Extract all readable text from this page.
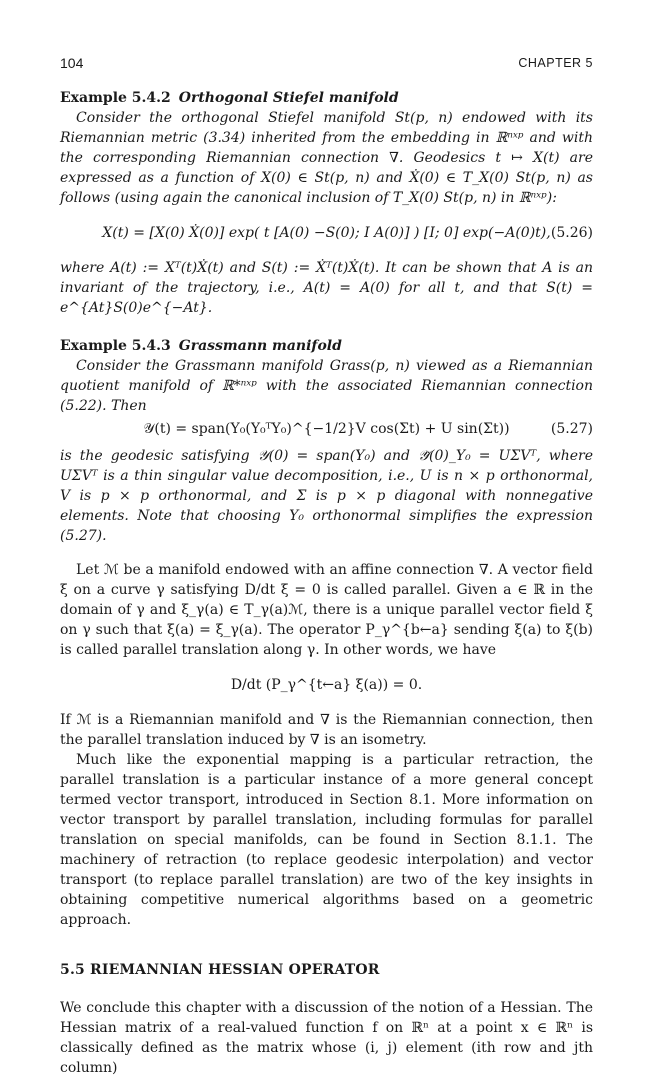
104	CHAPTER 5

Example 5.4.2 Orthogonal Stiefel manifold

Consider the orthogonal Stiefel manifold St(p, n) endowed with its Riemannian metric (3.34) inherited from the embedding in ℝⁿˣᵖ and with the corresponding Riemannian connection ∇. Geodesics t ↦ X(t) are expressed as a function of X(0) ∈ St(p, n) and Ẋ(0) ∈ T_X(0) St(p, n) as follows (using again the canonical inclusion of T_X(0) St(p, n) in ℝⁿˣᵖ):

X(t) = [X(0) Ẋ(0)] exp( t [A(0) −S(0); I A(0)] ) [I; 0] exp(−A(0)t), (5.26)

where A(t) := Xᵀ(t)Ẋ(t) and S(t) := Ẋᵀ(t)Ẋ(t). It can be shown that A is an invariant of the trajectory, i.e., A(t) = A(0) for all t, and that S(t) = e^{At}S(0)e^{−At}.

Example 5.4.3 Grassmann manifold

Consider the Grassmann manifold Grass(p, n) viewed as a Riemannian quotient manifold of ℝ*ⁿˣᵖ with the associated Riemannian connection (5.22). Then

𝒴(t) = span(Y₀(Y₀ᵀY₀)^{−1/2}V cos(Σt) + U sin(Σt))	(5.27)

is the geodesic satisfying 𝒴(0) = span(Y₀) and 𝒴̇(0)_Y₀ = UΣVᵀ, where UΣVᵀ is a thin singular value decomposition, i.e., U is n × p orthonormal, V is p × p orthonormal, and Σ is p × p diagonal with nonnegative elements. Note that choosing Y₀ orthonormal simplifies the expression (5.27).

Let ℳ be a manifold endowed with an affine connection ∇. A vector field ξ on a curve γ satisfying D/dt ξ = 0 is called parallel. Given a ∈ ℝ in the domain of γ and ξ_γ(a) ∈ T_γ(a)ℳ, there is a unique parallel vector field ξ on γ such that ξ(a) = ξ_γ(a). The operator P_γ^{b←a} sending ξ(a) to ξ(b) is called parallel translation along γ. In other words, we have

D/dt (P_γ^{t←a} ξ(a)) = 0.

If ℳ is a Riemannian manifold and ∇ is the Riemannian connection, then the parallel translation induced by ∇ is an isometry.

Much like the exponential mapping is a particular retraction, the parallel translation is a particular instance of a more general concept termed vector transport, introduced in Section 8.1. More information on vector transport by parallel translation, including formulas for parallel translation on special manifolds, can be found in Section 8.1.1. The machinery of retraction (to replace geodesic interpolation) and vector transport (to replace parallel translation) are two of the key insights in obtaining competitive numerical algorithms based on a geometric approach.

5.5 RIEMANNIAN HESSIAN OPERATOR

We conclude this chapter with a discussion of the notion of a Hessian. The Hessian matrix of a real-valued function f on ℝⁿ at a point x ∈ ℝⁿ is classically defined as the matrix whose (i, j) element (ith row and jth column)
